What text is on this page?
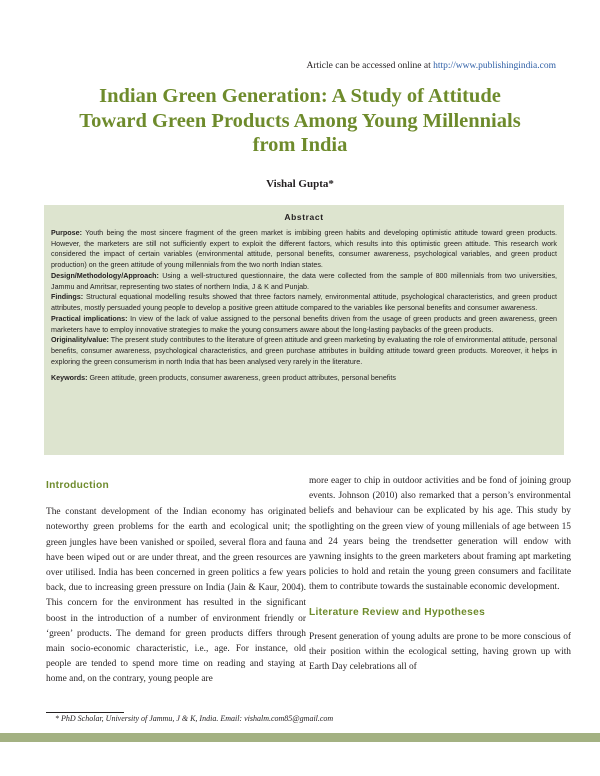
Article can be accessed online at http://www.publishingindia.com
Indian Green Generation: A Study of Attitude
Toward Green Products Among Young Millennials
from India
Vishal Gupta*
Abstract

Purpose: Youth being the most sincere fragment of the green market is imbibing green habits and developing optimistic attitude toward green products. However, the marketers are still not sufficiently expert to exploit the different factors, which results into this optimistic green attitude. This research work considered the impact of certain variables (environmental attitude, personal benefits, consumer awareness, psychological variables, and green product production) on the green attitude of young millennials from the two north Indian states.

Design/Methodology/Approach: Using a well-structured questionnaire, the data were collected from the sample of 800 millennials from two universities, Jammu and Amritsar, representing two states of northern India, J & K and Punjab.

Findings: Structural equational modelling results showed that three factors namely, environmental attitude, psychological characteristics, and green product attributes, mostly persuaded young people to develop a positive green attitude compared to the variables like personal benefits and consumer awareness.

Practical implications: In view of the lack of value assigned to the personal benefits driven from the usage of green products and green awareness, green marketers have to employ innovative strategies to make the young consumers aware about the long-lasting paybacks of the green products.

Originality/value: The present study contributes to the literature of green attitude and green marketing by evaluating the role of environmental attitude, personal benefits, consumer awareness, psychological characteristics, and green purchase attributes in building attitude toward green products. Moreover, it helps in exploring the green consumerism in north India that has been analysed very rarely in the literature.

Keywords: Green attitude, green products, consumer awareness, green product attributes, personal benefits

Introduction

The constant development of the Indian economy has originated noteworthy green problems for the earth and ecological unit; the green jungles have been vanished or spoiled, several flora and fauna have been wiped out or are under threat, and the green resources are over utilised. India has been concerned in green politics a few years back, due to increasing green pressure on India (Jain & Kaur, 2004). This concern for the environment has resulted in the significant boost in the introduction of a number of environment friendly or ‘green’ products. The demand for green products differs through main socio-economic characteristic, i.e., age. For instance, old people are tended to spend more time on reading and staying at home and, on the contrary, young people are

more eager to chip in outdoor activities and be fond of joining group events. Johnson (2010) also remarked that a person’s environmental beliefs and behaviour can be explicated by his age. This study by spotlighting on the green view of young millenials of age between 15 and 24 years being the trendsetter generation will endow with yawning insights to the green marketers about framing apt marketing policies to hold and retain the young green consumers and facilitate them to contribute towards the sustainable economic development.

Literature Review and Hypotheses

Present generation of young adults are prone to be more conscious of their position within the ecological setting, having grown up with Earth Day celebrations all of

* PhD Scholar, University of Jammu, J & K, India. Email: vishalm.com85@gmail.com
